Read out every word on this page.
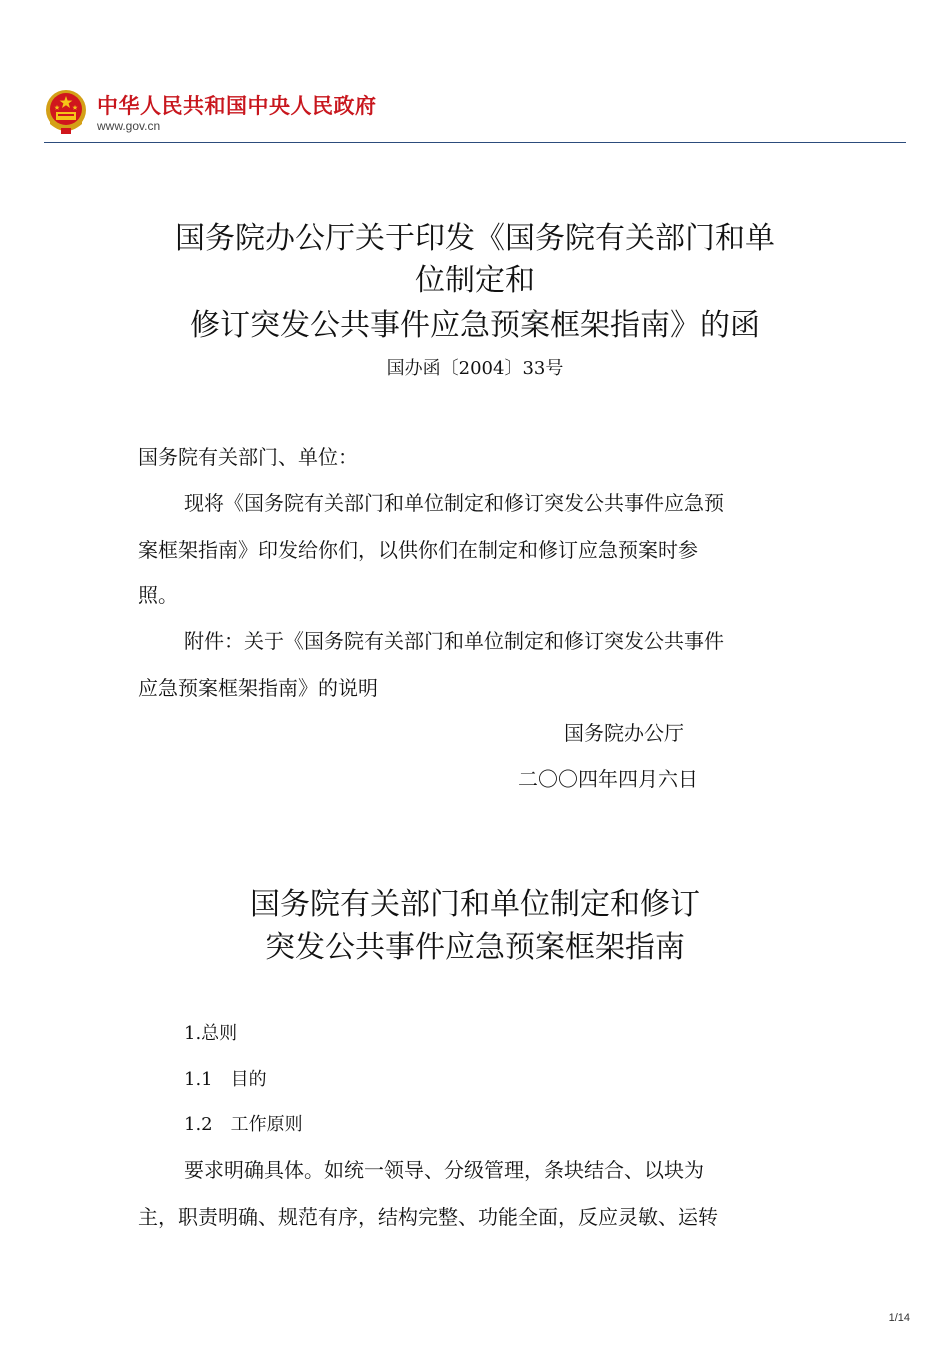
中华人民共和国中央人民政府
www.gov.cn
国务院办公厅关于印发《国务院有关部门和单
位制定和
修订突发公共事件应急预案框架指南》的函
国办函〔2004〕33号
国务院有关部门、单位：
现将《国务院有关部门和单位制定和修订突发公共事件应急预
案框架指南》印发给你们，以供你们在制定和修订应急预案时参
照。
附件：关于《国务院有关部门和单位制定和修订突发公共事件
应急预案框架指南》的说明
国务院办公厅
二〇〇四年四月六日
国务院有关部门和单位制定和修订
突发公共事件应急预案框架指南
1.总则
1.1　目的
1.2　工作原则
要求明确具体。如统一领导、分级管理，条块结合、以块为
主，职责明确、规范有序，结构完整、功能全面，反应灵敏、运转
1/14
